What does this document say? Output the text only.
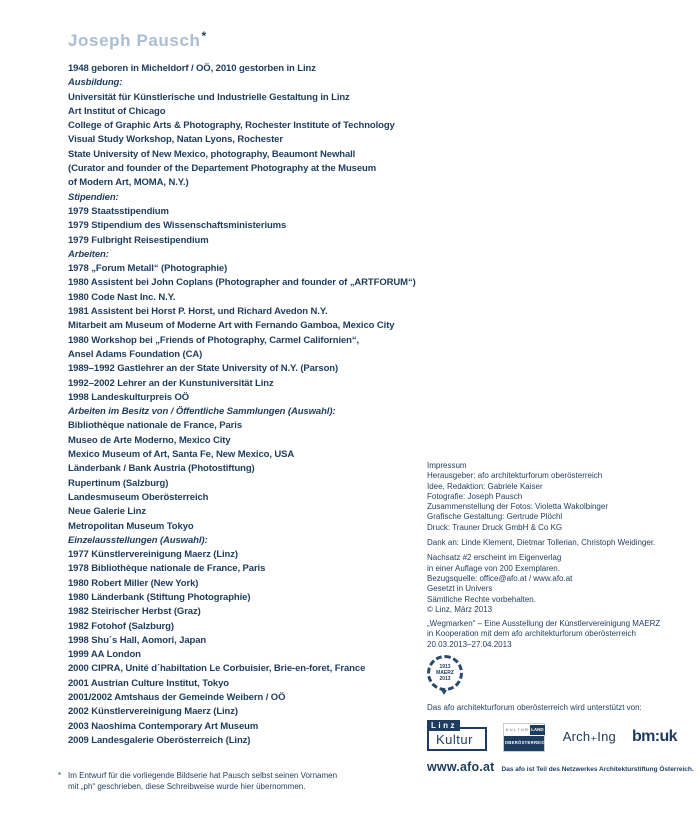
Joseph Pausch*
1948 geboren in Micheldorf / OÖ, 2010 gestorben in Linz
Ausbildung:
Universität für Künstlerische und Industrielle Gestaltung in Linz
Art Institut of Chicago
College of Graphic Arts & Photography, Rochester Institute of Technology
Visual Study Workshop, Natan Lyons, Rochester
State University of New Mexico, photography, Beaumont Newhall
(Curator and founder of the Departement Photography at the Museum
of Modern Art, MOMA, N.Y.)
Stipendien:
1979 Staatsstipendium
1979 Stipendium des Wissenschaftsministeriums
1979 Fulbright Reisestipendium
Arbeiten:
1978 „Forum Metall“ (Photographie)
1980 Assistent bei John Coplans (Photographer and founder of „ARTFORUM“)
1980 Code Nast Inc. N.Y.
1981 Assistent bei Horst P. Horst, und Richard Avedon N.Y.
Mitarbeit am Museum of Moderne Art with Fernando Gamboa, Mexico City
1980 Workshop bei „Friends of Photography, Carmel Californien“,
Ansel Adams Foundation (CA)
1989–1992 Gastlehrer an der State University of N.Y. (Parson)
1992–2002 Lehrer an der Kunstuniversität Linz
1998 Landeskulturpreis OÖ
Arbeiten im Besitz von / Öffentliche Sammlungen (Auswahl):
Bibliothèque nationale de France, Paris
Museo de Arte Moderno, Mexico City
Mexico Museum of Art, Santa Fe, New Mexico, USA
Länderbank / Bank Austria (Photostiftung)
Rupertinum (Salzburg)
Landesmuseum Oberösterreich
Neue Galerie Linz
Metropolitan Museum Tokyo
Einzelausstellungen (Auswahl):
1977 Künstlervereinigung Maerz (Linz)
1978 Bibliothèque nationale de France, Paris
1980 Robert Miller (New York)
1980 Länderbank (Stiftung Photographie)
1982 Steirischer Herbst (Graz)
1982 Fotohof (Salzburg)
1998 Shu´s Hall, Aomori, Japan
1999 AA London
2000 CIPRA, Unité d´habiltation Le Corbuisier, Brie-en-foret, France
2001 Austrian Culture Institut, Tokyo
2001/2002 Amtshaus der Gemeinde Weibern / OÖ
2002 Künstlervereinigung Maerz (Linz)
2003 Naoshima Contemporary Art Museum
2009 Landesgalerie Oberösterreich (Linz)
Impressum
Herausgeber: afo architekturforum oberösterreich
Idee, Redaktion: Gabriele Kaiser
Fotografie: Joseph Pausch
Zusammenstellung der Fotos: Violetta Wakolbinger
Grafische Gestaltung: Gertrude Plöchl
Druck: Trauner Druck GmbH & Co KG
Dank an: Linde Klement, Dietmar Tollerian, Christoph Weidinger.
Nachsatz #2 erscheint im Eigenverlag
in einer Auflage von 200 Exemplaren.
Bezugsquelle: office@afo.at / www.afo.at
Gesetzt in Univers
Sämtliche Rechte vorbehalten.
© Linz, März 2013
„Wegmarken“ – Eine Ausstellung der Künstlervereinigung MAERZ
in Kooperation mit dem afo architekturforum oberösterreich
20.03.2013–27.04.2013
1913
MAERZ
2013
Das afo architekturforum oberösterreich wird unterstützt von:
Linz
Kultur
KULTUR LAND
OBERÖSTERREICH Arch₊Ing bm:uk
www.afo.at Das afo ist Teil des Netzwerkes Architekturstiftung Österreich.
* Im Entwurf für die vorliegende Bildserie hat Pausch selbst seinen Vornamen
mit „ph“ geschrieben, diese Schreibweise wurde hier übernommen.
